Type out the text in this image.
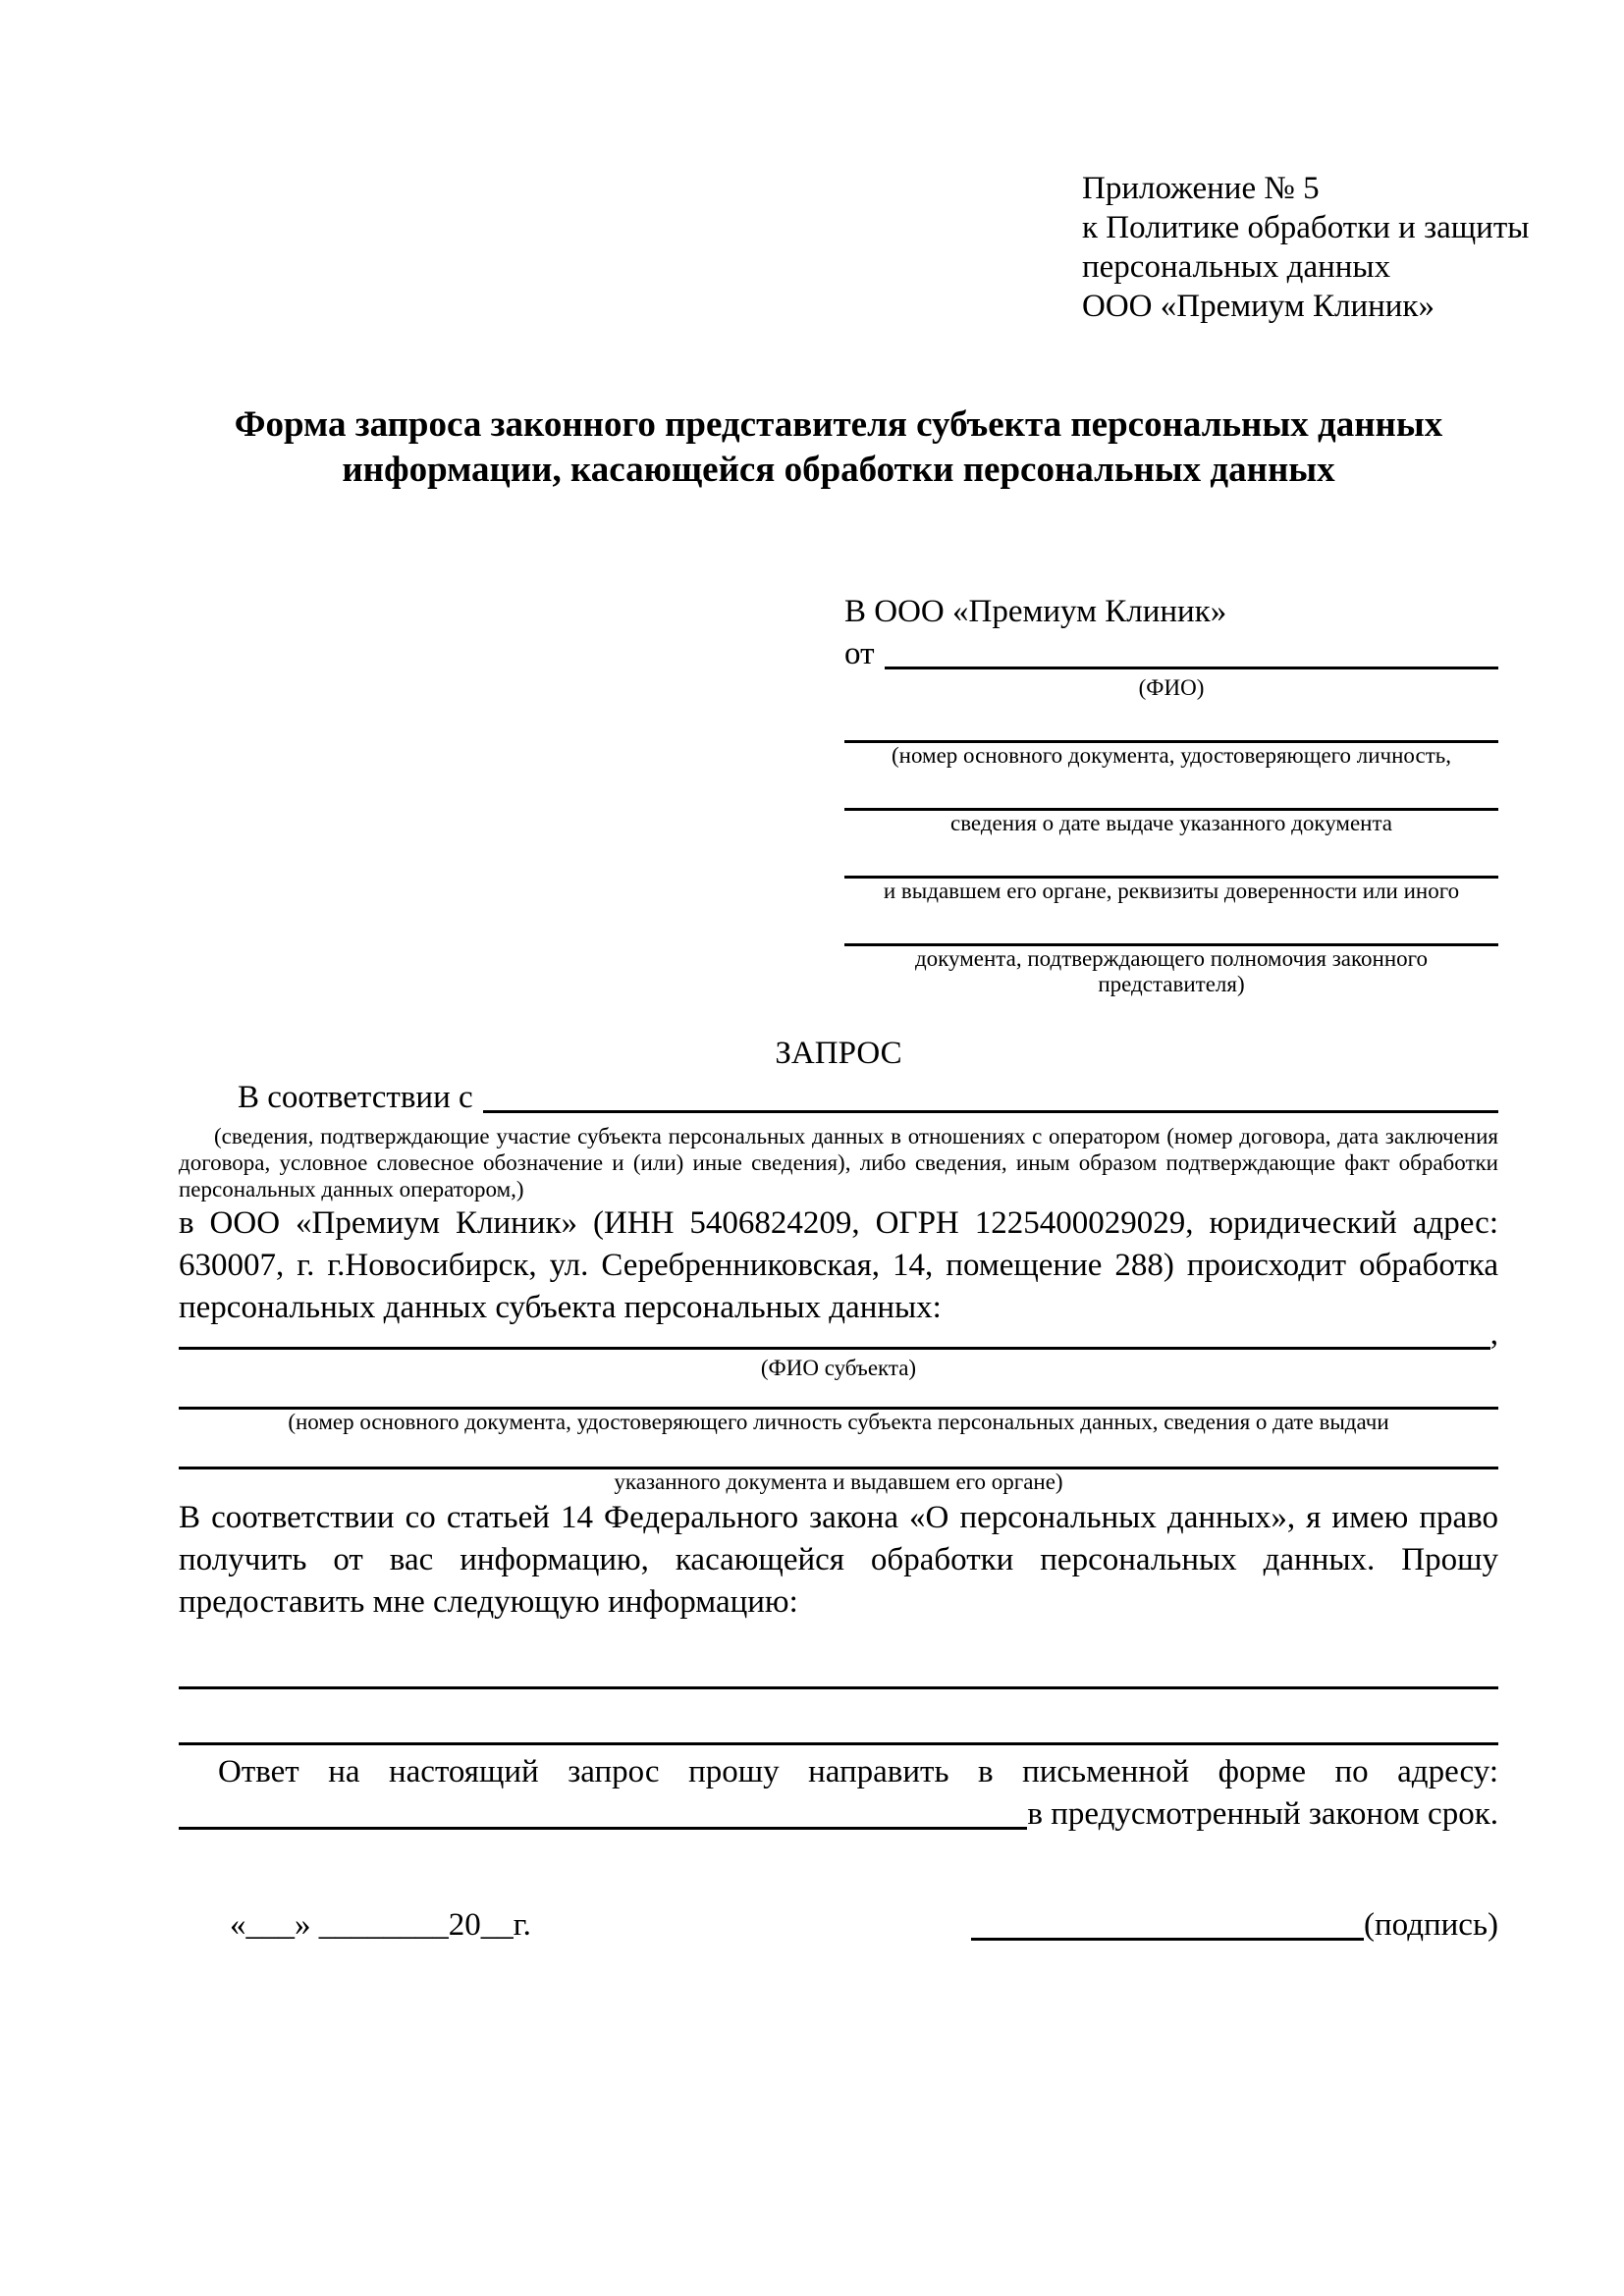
Приложение № 5
к Политике обработки и защиты
персональных данных
ООО «Премиум Клиник»
Форма запроса законного представителя субъекта персональных данных
информации, касающейся обработки персональных данных
В ООО «Премиум Клиник»
от
(ФИО)
(номер основного документа, удостоверяющего личность,
сведения о дате выдаче указанного документа
и выдавшем его органе, реквизиты доверенности или иного
документа, подтверждающего полномочия законного представителя)
ЗАПРОС
В соответствии с
(сведения, подтверждающие участие субъекта персональных данных в отношениях с оператором (номер договора, дата заключения договора, условное словесное обозначение и (или) иные сведения), либо сведения, иным образом подтверждающие факт обработки персональных данных оператором,)
в ООО «Премиум Клиник» (ИНН 5406824209, ОГРН 1225400029029, юридический адрес: 630007, г. г.Новосибирск, ул. Серебренниковская, 14, помещение 288) происходит обработка персональных данных субъекта персональных данных:
,
(ФИО субъекта)
(номер основного документа, удостоверяющего личность субъекта персональных данных, сведения о дате выдачи
указанного документа и выдавшем его органе)
В соответствии со статьей 14 Федерального закона «О персональных данных», я имею право получить от вас информацию, касающейся обработки персональных данных. Прошу предоставить мне следующую информацию:
Ответ на настоящий запрос прошу направить в письменной форме по адресу:
в предусмотренный законом срок.
«___» ________20__г.	(подпись)
